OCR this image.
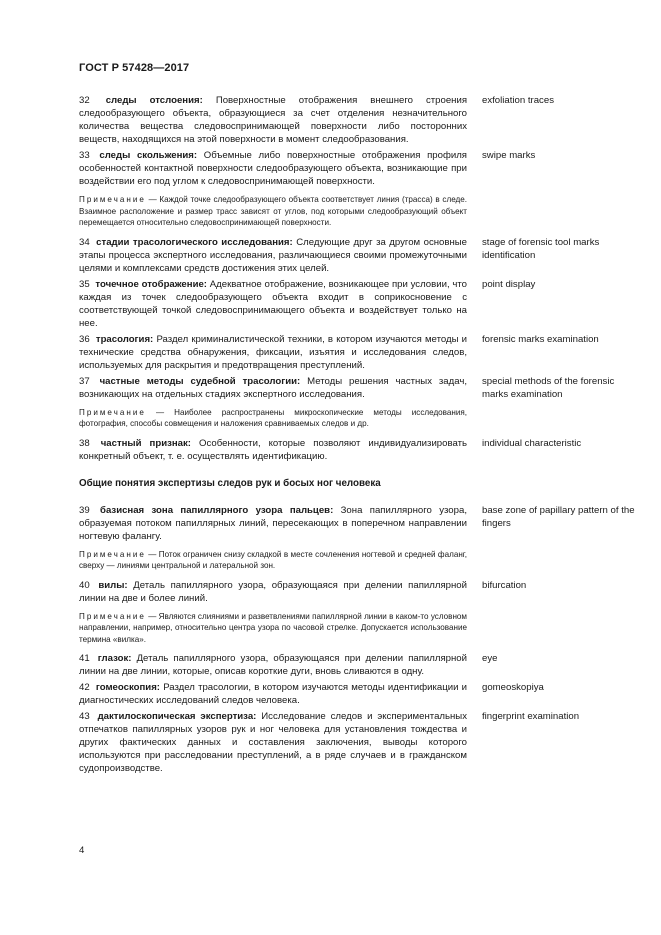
ГОСТ Р 57428—2017
32 следы отслоения: Поверхностные отображения внешнего строения следообразующего объекта, образующиеся за счет отделения незначительного количества вещества следовоспринимающей поверхности либо посторонних веществ, находящихся на этой поверхности в момент следообразования.
exfoliation traces
33 следы скольжения: Объемные либо поверхностные отображения профиля особенностей контактной поверхности следообразующего объекта, возникающие при воздействии его под углом к следовоспринимающей поверхности.
swipe marks
Примечание — Каждой точке следообразующего объекта соответствует линия (трасса) в следе. Взаимное расположение и размер трасс зависят от углов, под которыми следообразующий объект перемещается относительно следовоспринимающей поверхности.
34 стадии трасологического исследования: Следующие друг за другом основные этапы процесса экспертного исследования, различающиеся своими промежуточными целями и комплексами средств достижения этих целей.
stage of forensic tool marks identification
35 точечное отображение: Адекватное отображение, возникающее при условии, что каждая из точек следообразующего объекта входит в соприкосновение с соответствующей точкой следовоспринимающего объекта и воздействует только на нее.
point display
36 трасология: Раздел криминалистической техники, в котором изучаются методы и технические средства обнаружения, фиксации, изъятия и исследования следов, используемых для раскрытия и предотвращения преступлений.
forensic marks examination
37 частные методы судебной трасологии: Методы решения частных задач, возникающих на отдельных стадиях экспертного исследования.
special methods of the forensic marks examination
Примечание — Наиболее распространены микроскопические методы исследования, фотография, способы совмещения и наложения сравниваемых следов и др.
38 частный признак: Особенности, которые позволяют индивидуализировать конкретный объект, т. е. осуществлять идентификацию.
individual characteristic
Общие понятия экспертизы следов рук и босых ног человека
39 базисная зона папиллярного узора пальцев: Зона папиллярного узора, образуемая потоком папиллярных линий, пересекающих в поперечном направлении ногтевую фалангу.
base zone of papillary pattern of the fingers
Примечание — Поток ограничен снизу складкой в месте сочленения ногтевой и средней фаланг, сверху — линиями центральной и латеральной зон.
40 вилы: Деталь папиллярного узора, образующаяся при делении папиллярной линии на две и более линий.
bifurcation
Примечание — Являются слияниями и разветвлениями папиллярной линии в каком-то условном направлении, например, относительно центра узора по часовой стрелке. Допускается использование термина «вилка».
41 глазок: Деталь папиллярного узора, образующаяся при делении папиллярной линии на две линии, которые, описав короткие дуги, вновь сливаются в одну.
eye
42 гомеоскопия: Раздел трасологии, в котором изучаются методы идентификации и диагностических исследований следов человека.
gomeoskopiya
43 дактилоскопическая экспертиза: Исследование следов и экспериментальных отпечатков папиллярных узоров рук и ног человека для установления тождества и других фактических данных и составления заключения, выводы которого используются при расследовании преступлений, а в ряде случаев и в гражданском судопроизводстве.
fingerprint examination
4
